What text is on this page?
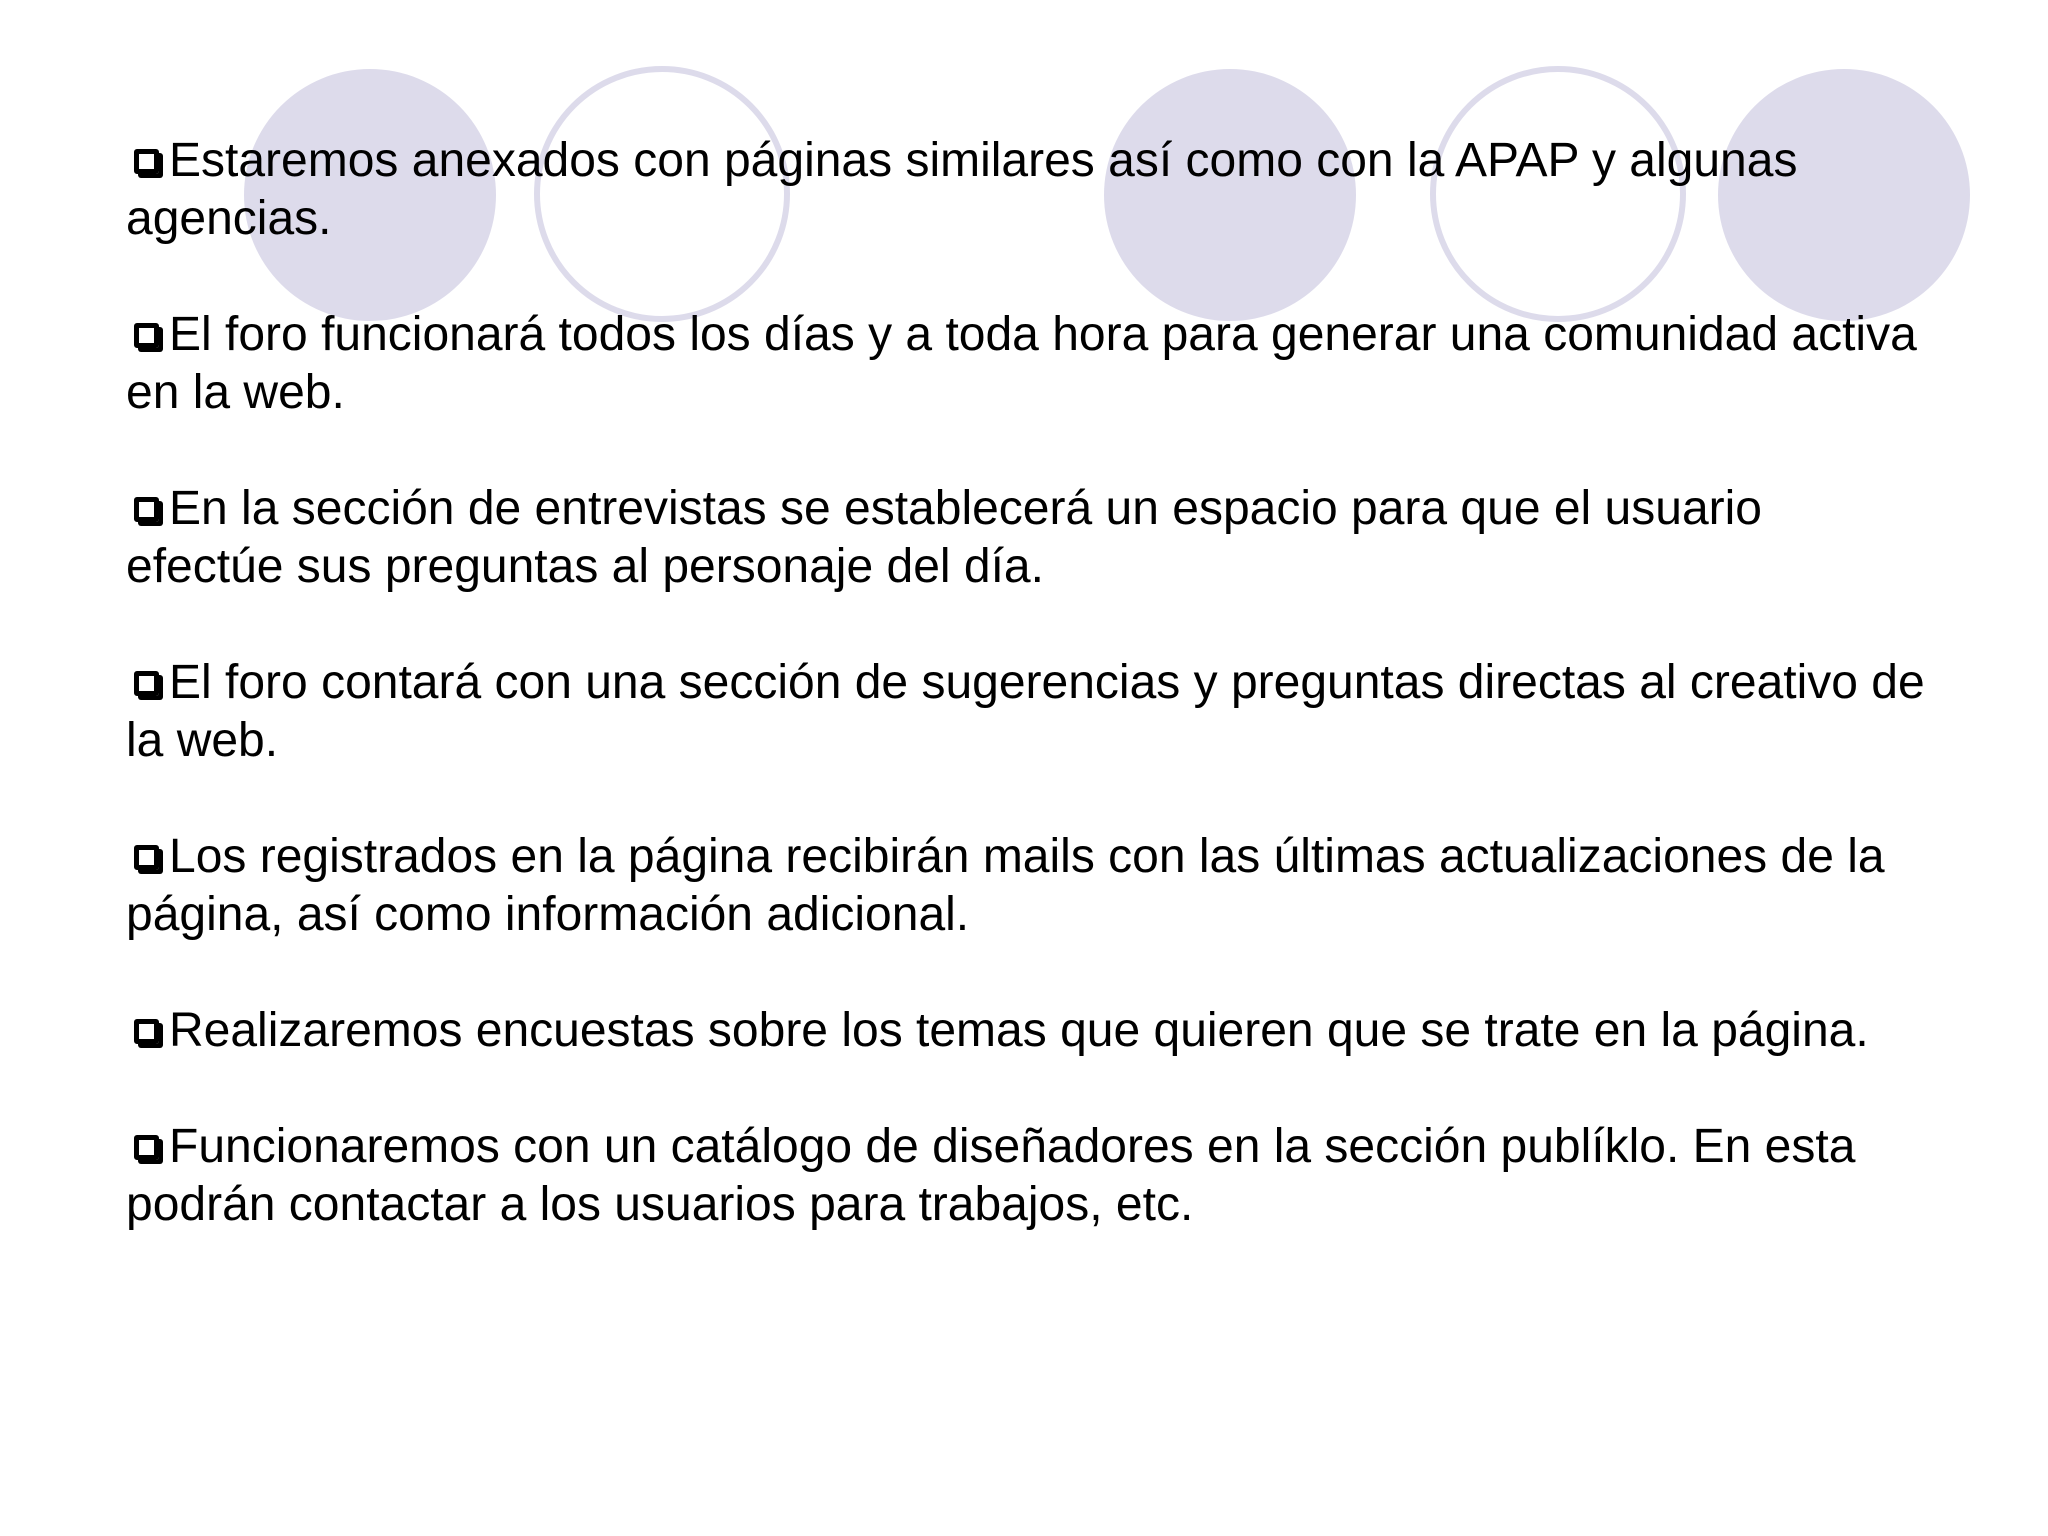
Estaremos anexados con páginas similares así como con la APAP y algunas agencias.
El foro funcionará todos los días y a toda hora para generar una comunidad activa en la web.
En la sección de entrevistas se establecerá un espacio para que el usuario efectúe sus preguntas al personaje del día.
El foro contará con una sección de sugerencias y preguntas directas al creativo de la web.
Los registrados en la página recibirán mails con las últimas actualizaciones de la página, así como información adicional.
Realizaremos encuestas sobre los temas que quieren que se trate en la página.
Funcionaremos con un catálogo de diseñadores en la sección publíklo. En esta podrán contactar a los usuarios para trabajos, etc.
